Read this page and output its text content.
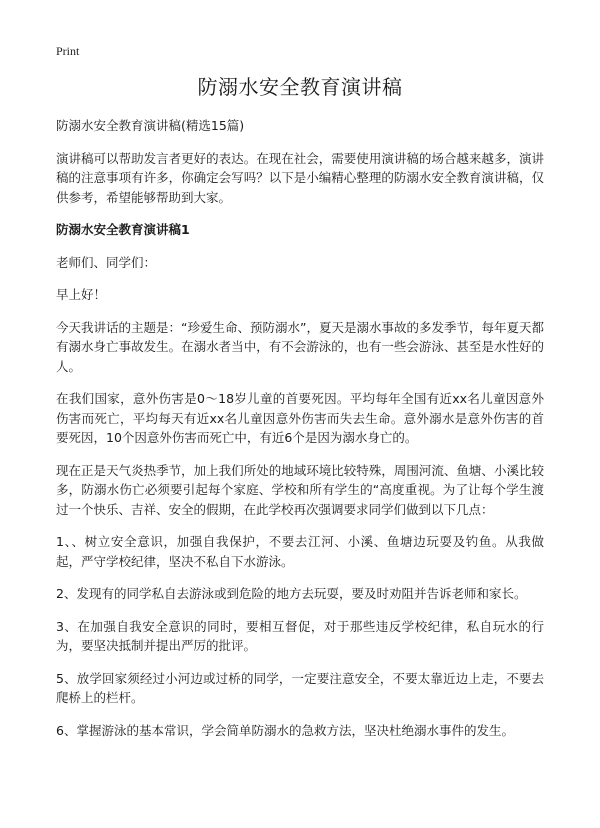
Print
防溺水安全教育演讲稿

防溺水安全教育演讲稿(精选15篇)

演讲稿可以帮助发言者更好的表达。在现在社会，需要使用演讲稿的场合越来越多，演讲稿的注意事项有许多，你确定会写吗？以下是小编精心整理的防溺水安全教育演讲稿，仅供参考，希望能够帮助到大家。

防溺水安全教育演讲稿1

老师们、同学们：

早上好！

今天我讲话的主题是：“珍爱生命、预防溺水”，夏天是溺水事故的多发季节，每年夏天都有溺水身亡事故发生。在溺水者当中，有不会游泳的，也有一些会游泳、甚至是水性好的人。

在我们国家，意外伤害是0～18岁儿童的首要死因。平均每年全国有近xx名儿童因意外伤害而死亡，平均每天有近xx名儿童因意外伤害而失去生命。意外溺水是意外伤害的首要死因，10个因意外伤害而死亡中，有近6个是因为溺水身亡的。

现在正是天气炎热季节，加上我们所处的地域环境比较特殊，周围河流、鱼塘、小溪比较多，防溺水伤亡必须要引起每个家庭、学校和所有学生的“高度重视。为了让每个学生渡过一个快乐、吉祥、安全的假期，在此学校再次强调要求同学们做到以下几点：

1、、树立安全意识，加强自我保护，不要去江河、小溪、鱼塘边玩耍及钓鱼。从我做起，严守学校纪律，坚决不私自下水游泳。

2、发现有的同学私自去游泳或到危险的地方去玩耍，要及时劝阻并告诉老师和家长。

3、在加强自我安全意识的同时，要相互督促，对于那些违反学校纪律，私自玩水的行为，要坚决抵制并提出严厉的批评。

5、放学回家须经过小河边或过桥的同学，一定要注意安全，不要太靠近边上走，不要去爬桥上的栏杆。

6、掌握游泳的基本常识，学会简单防溺水的急救方法，坚决杜绝溺水事件的发生。
